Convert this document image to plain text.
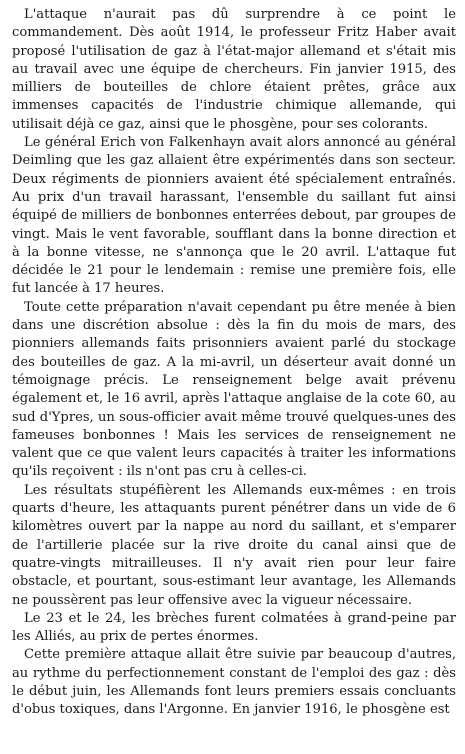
L'attaque n'aurait pas dû surprendre à ce point le commandement. Dès août 1914, le professeur Fritz Haber avait proposé l'utilisation de gaz à l'état-major allemand et s'était mis au travail avec une équipe de chercheurs. Fin janvier 1915, des milliers de bouteilles de chlore étaient prêtes, grâce aux immenses capacités de l'industrie chimique allemande, qui utilisait déjà ce gaz, ainsi que le phosgène, pour ses colorants.

Le général Erich von Falkenhayn avait alors annoncé au général Deimling que les gaz allaient être expérimentés dans son secteur. Deux régiments de pionniers avaient été spécialement entraînés. Au prix d'un travail harassant, l'ensemble du saillant fut ainsi équipé de milliers de bonbonnes enterrées debout, par groupes de vingt. Mais le vent favorable, soufflant dans la bonne direction et à la bonne vitesse, ne s'annonça que le 20 avril. L'attaque fut décidée le 21 pour le lendemain : remise une première fois, elle fut lancée à 17 heures.

Toute cette préparation n'avait cependant pu être menée à bien dans une discrétion absolue : dès la fin du mois de mars, des pionniers allemands faits prisonniers avaient parlé du stockage des bouteilles de gaz. A la mi-avril, un déserteur avait donné un témoignage précis. Le renseignement belge avait prévenu également et, le 16 avril, après l'attaque anglaise de la cote 60, au sud d'Ypres, un sous-officier avait même trouvé quelques-unes des fameuses bonbonnes ! Mais les services de renseignement ne valent que ce que valent leurs capacités à traiter les informations qu'ils reçoivent : ils n'ont pas cru à celles-ci.

Les résultats stupéfièrent les Allemands eux-mêmes : en trois quarts d'heure, les attaquants purent pénétrer dans un vide de 6 kilomètres ouvert par la nappe au nord du saillant, et s'emparer de l'artillerie placée sur la rive droite du canal ainsi que de quatre-vingts mitrailleuses. Il n'y avait rien pour leur faire obstacle, et pourtant, sous-estimant leur avantage, les Allemands ne poussèrent pas leur offensive avec la vigueur nécessaire.

Le 23 et le 24, les brèches furent colmatées à grand-peine par les Alliés, au prix de pertes énormes.

Cette première attaque allait être suivie par beaucoup d'autres, au rythme du perfectionnement constant de l'emploi des gaz : dès le début juin, les Allemands font leurs premiers essais concluants d'obus toxiques, dans l'Argonne. En janvier 1916, le phosgène est
